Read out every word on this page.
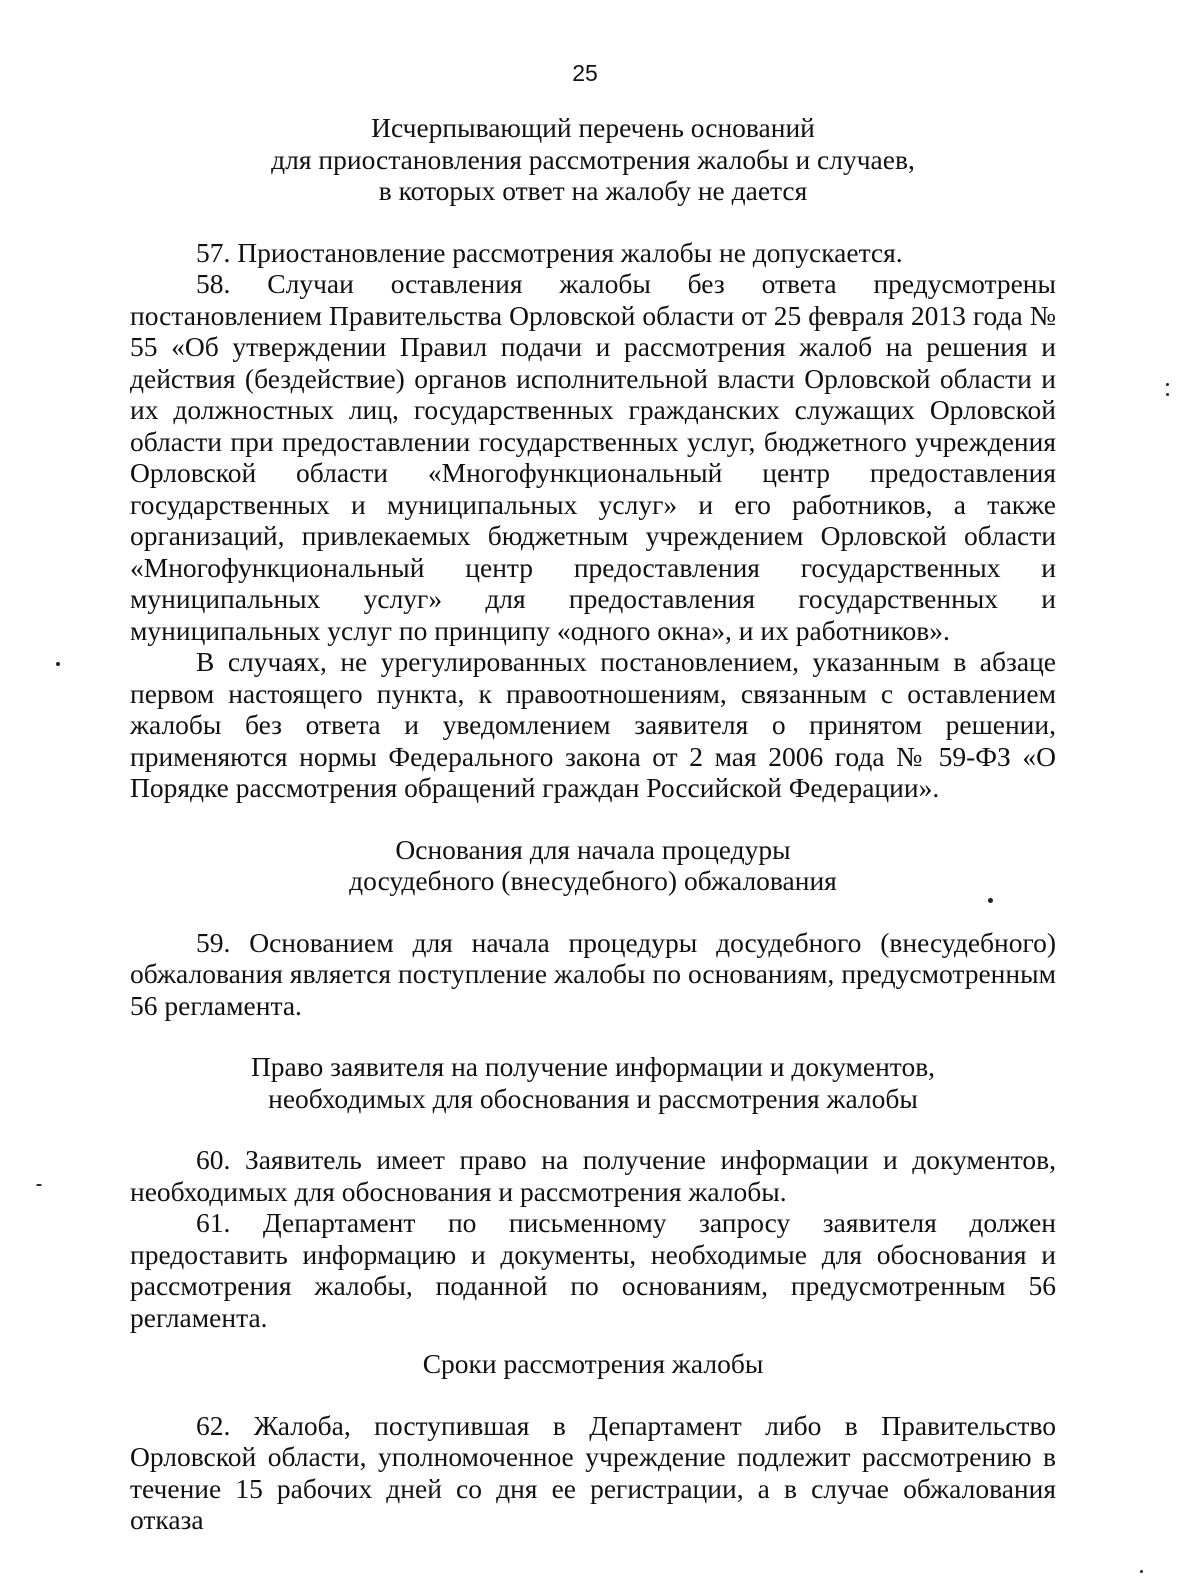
25
Исчерпывающий перечень оснований
для приостановления рассмотрения жалобы и случаев,
в которых ответ на жалобу не дается

57. Приостановление рассмотрения жалобы не допускается.

58. Случаи оставления жалобы без ответа предусмотрены постановлением Правительства Орловской области от 25 февраля 2013 года № 55 «Об утверждении Правил подачи и рассмотрения жалоб на решения и действия (бездействие) органов исполнительной власти Орловской области и их должностных лиц, государственных гражданских служащих Орловской области при предоставлении государственных услуг, бюджетного учреждения Орловской области «Многофункциональный центр предоставления государственных и муниципальных услуг» и его работников, а также организаций, привлекаемых бюджетным учреждением Орловской области «Многофункциональный центр предоставления государственных и муниципальных услуг» для предоставления государственных и муниципальных услуг по принципу «одного окна», и их работников».

В случаях, не урегулированных постановлением, указанным в абзаце первом настоящего пункта, к правоотношениям, связанным с оставлением жалобы без ответа и уведомлением заявителя о принятом решении, применяются нормы Федерального закона от 2 мая 2006 года № 59-ФЗ «О Порядке рассмотрения обращений граждан Российской Федерации».

Основания для начала процедуры
досудебного (внесудебного) обжалования

59. Основанием для начала процедуры досудебного (внесудебного) обжалования является поступление жалобы по основаниям, предусмотренным 56 регламента.

Право заявителя на получение информации и документов,
необходимых для обоснования и рассмотрения жалобы

60. Заявитель имеет право на получение информации и документов, необходимых для обоснования и рассмотрения жалобы.

61. Департамент по письменному запросу заявителя должен предоставить информацию и документы, необходимые для обоснования и рассмотрения жалобы, поданной по основаниям, предусмотренным 56 регламента.

Сроки рассмотрения жалобы

62. Жалоба, поступившая в Департамент либо в Правительство Орловской области, уполномоченное учреждение подлежит рассмотрению в течение 15 рабочих дней со дня ее регистрации, а в случае обжалования отказа
